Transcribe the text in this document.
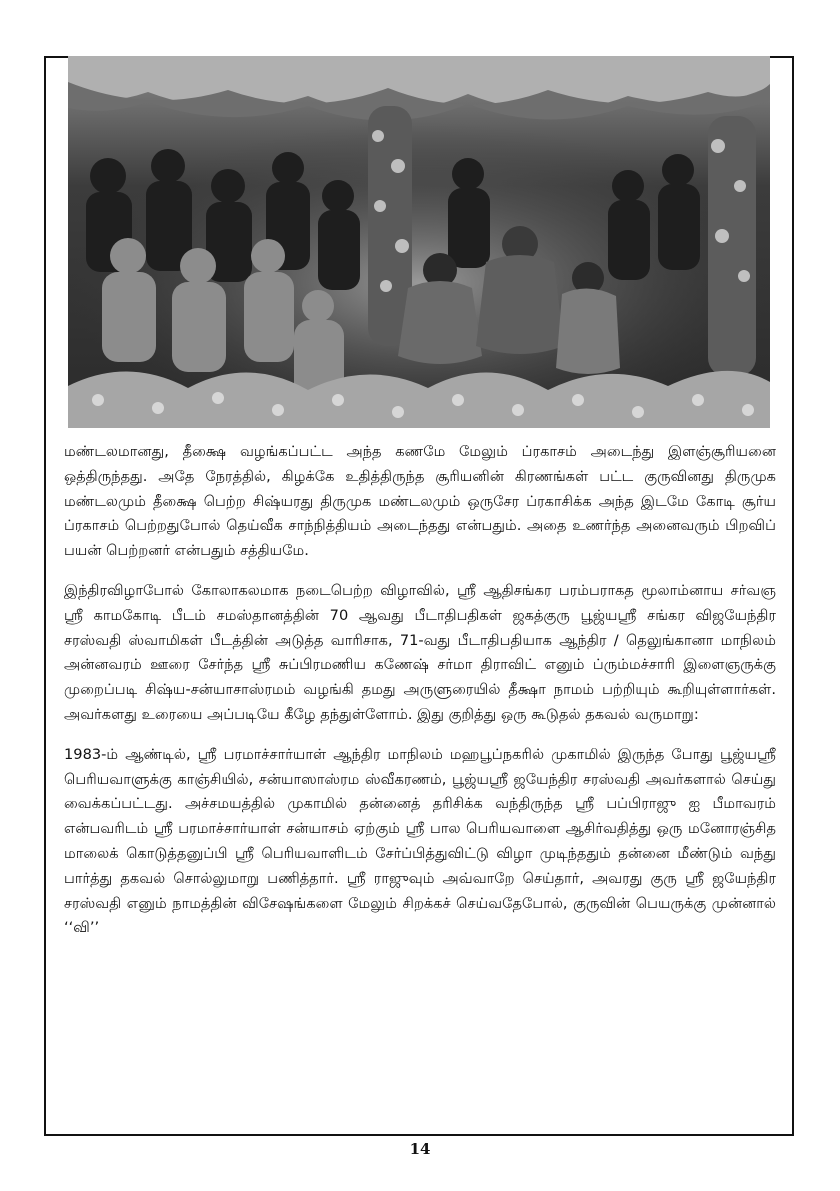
மண்டலமானது, தீக்ஷை வழங்கப்பட்ட அந்த கணமே மேலும் ப்ரகாசம் அடைந்து இளஞ்சூரியனை ஒத்திருந்தது. அதே நேரத்தில், கிழக்கே உதித்திருந்த சூரியனின் கிரணங்கள் பட்ட குருவினது திருமுக மண்டலமும் தீக்ஷை பெற்ற சிஷ்யரது திருமுக மண்டலமும் ஒருசேர ப்ரகாசிக்க அந்த இடமே கோடி சூர்ய ப்ரகாசம் பெற்றதுபோல் தெய்வீக சாந்நித்தியம் அடைந்தது என்பதும். அதை உணர்ந்த அனைவரும் பிறவிப் பயன் பெற்றனர் என்பதும் சத்தியமே.

இந்திரவிழாபோல் கோலாகலமாக நடைபெற்ற விழாவில், ஸ்ரீ ஆதிசங்கர பரம்பராகத மூலாம்னாய சர்வஞ ஸ்ரீ காமகோடி பீடம் சமஸ்தானத்தின் 70 ஆவது பீடாதிபதிகள் ஜகத்குரு பூஜ்யஸ்ரீ சங்கர விஜயேந்திர சரஸ்வதி ஸ்வாமிகள் பீடத்தின் அடுத்த வாரிசாக, 71-வது பீடாதிபதியாக ஆந்திர / தெலுங்கானா மாநிலம் அன்னவரம் ஊரை சேர்ந்த ஸ்ரீ சுப்பிரமணிய கணேஷ் சர்மா திராவிட் எனும் ப்ரும்மச்சாரி இளைஞருக்கு முறைப்படி சிஷ்ய-சன்யாசாஸ்ரமம் வழங்கி தமது அருளுரையில் தீக்ஷா நாமம் பற்றியும் கூறியுள்ளார்கள். அவர்களது உரையை அப்படியே கீழே தந்துள்ளோம். இது குறித்து ஒரு கூடுதல் தகவல் வருமாறு:

1983-ம் ஆண்டில், ஸ்ரீ பரமாச்சார்யாள் ஆந்திர மாநிலம் மஹபூப்நகரில் முகாமில் இருந்த போது பூஜ்யஸ்ரீ பெரியவாளுக்கு காஞ்சியில், சன்யாஸாஸ்ரம ஸ்வீகரணம், பூஜ்யஸ்ரீ ஜயேந்திர சரஸ்வதி அவர்களால் செய்து வைக்கப்பட்டது. அச்சமயத்தில் முகாமில் தன்னைத் தரிசிக்க வந்திருந்த ஸ்ரீ பப்பிராஜு ஐ பீமாவரம் என்பவரிடம் ஸ்ரீ பரமாச்சார்யாள் சன்யாசம் ஏற்கும் ஸ்ரீ பால பெரியவாளை ஆசிர்வதித்து ஒரு மனோரஞ்சித மாலைக் கொடுத்தனுப்பி ஸ்ரீ பெரியவாளிடம் சேர்ப்பித்துவிட்டு விழா முடிந்ததும் தன்னை மீண்டும் வந்து பார்த்து தகவல் சொல்லுமாறு பணித்தார். ஸ்ரீ ராஜுவும் அவ்வாறே செய்தார், அவரது குரு ஸ்ரீ ஜயேந்திர சரஸ்வதி எனும் நாமத்தின் விசேஷங்களை மேலும் சிறக்கச் செய்வதேபோல், குருவின் பெயருக்கு முன்னால் ‘‘வி’’

14
